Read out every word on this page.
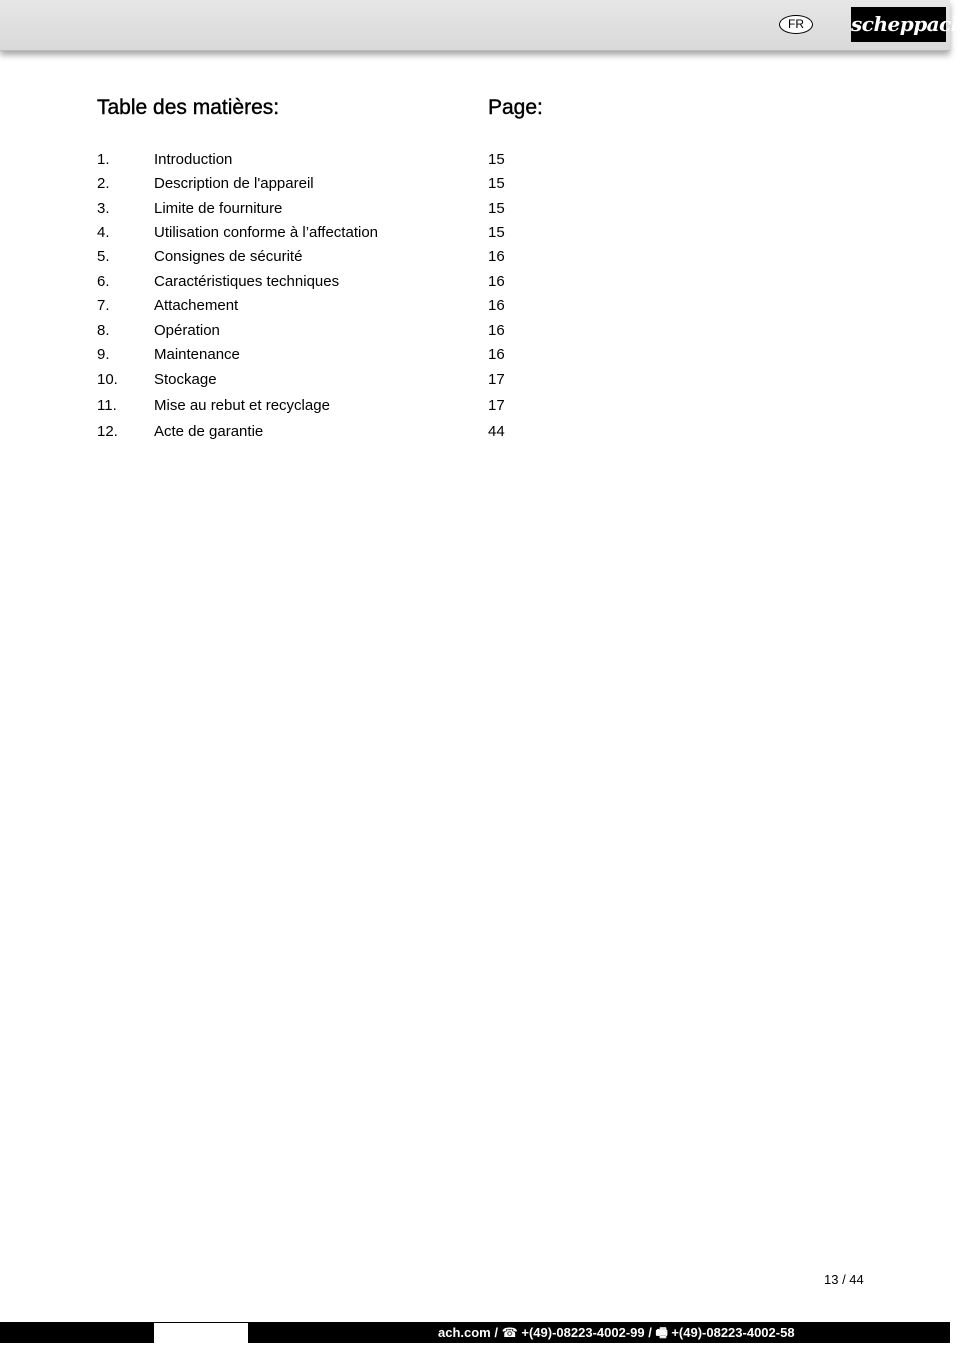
FR	scheppach
Table des matières:	Page:
1.	Introduction	15
2.	Description de l'appareil	15
3.	Limite de fourniture	15
4.	Utilisation conforme à l’affectation	15
5.	Consignes de sécurité	16
6.	Caractéristiques techniques	16
7.	Attachement	16
8.	Opération	16
9.	Maintenance	16
10. Stockage	17
11. Mise au rebut et recyclage	17
12. Acte de garantie	44
13 / 44
ach.com / ☎ +(49)-08223-4002-99 / 🖷 +(49)-08223-4002-58
